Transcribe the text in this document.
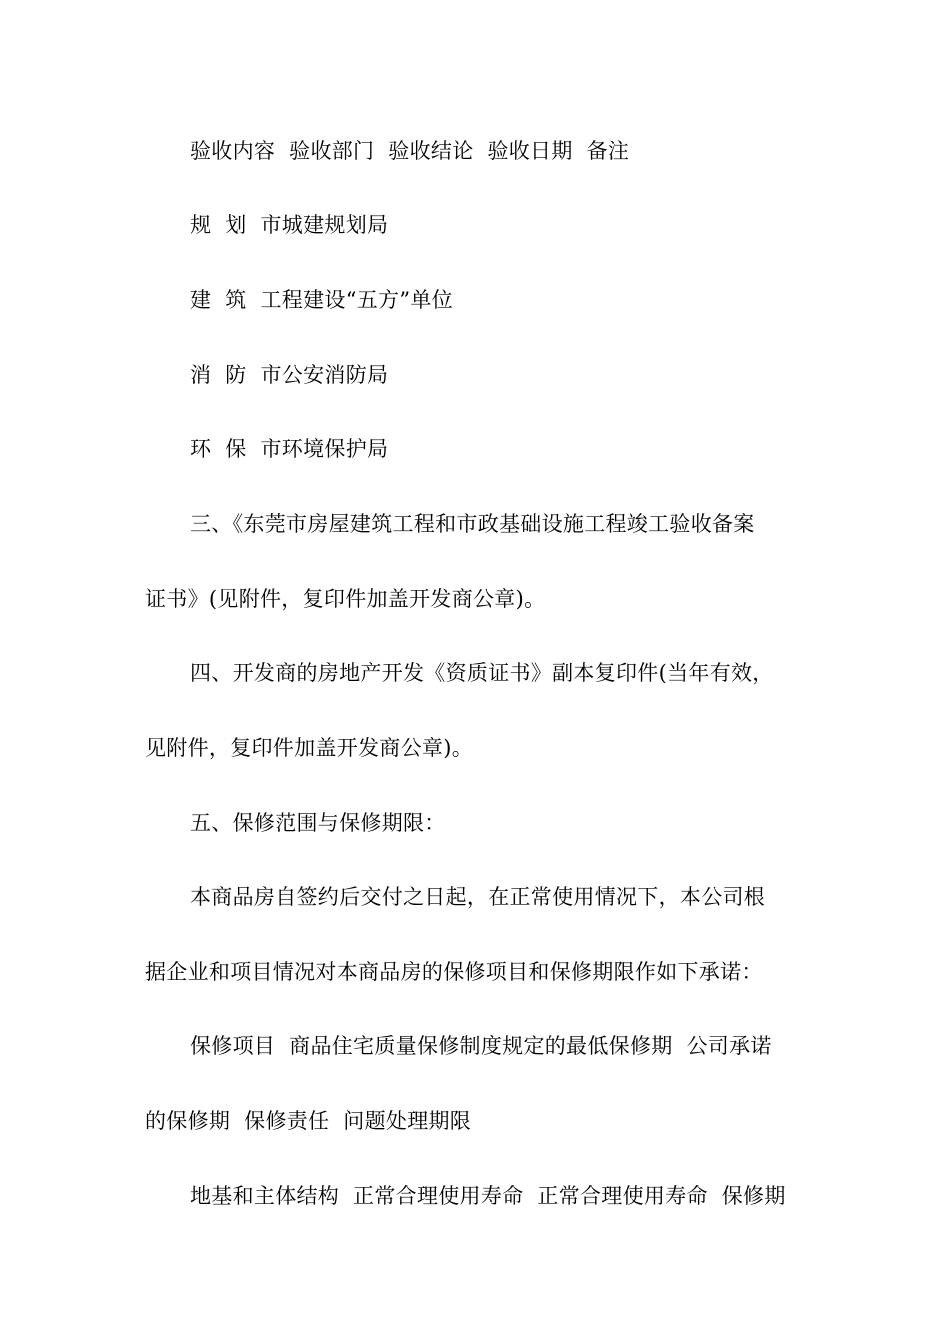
验收内容  验收部门  验收结论  验收日期  备注
规  划  市城建规划局
建  筑  工程建设“五方”单位
消  防  市公安消防局
环  保  市环境保护局
三、《东莞市房屋建筑工程和市政基础设施工程竣工验收备案
证书》(见附件，复印件加盖开发商公章)。
四、开发商的房地产开发《资质证书》副本复印件(当年有效，
见附件，复印件加盖开发商公章)。
五、保修范围与保修期限：
本商品房自签约后交付之日起，在正常使用情况下，本公司根
据企业和项目情况对本商品房的保修项目和保修期限作如下承诺：
保修项目  商品住宅质量保修制度规定的最低保修期  公司承诺
的保修期  保修责任  问题处理期限
地基和主体结构  正常合理使用寿命  正常合理使用寿命  保修期
